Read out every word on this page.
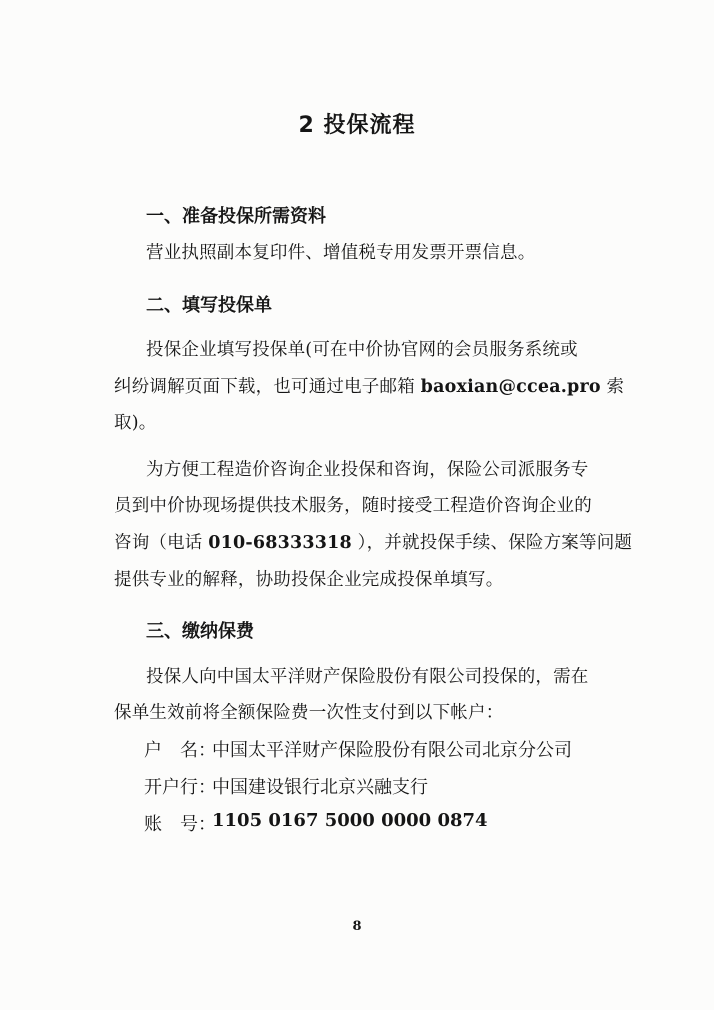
2 投保流程
一、准备投保所需资料
营业执照副本复印件、增值税专用发票开票信息。
二、填写投保单
投保企业填写投保单(可在中价协官网的会员服务系统或
纠纷调解页面下载，也可通过电子邮箱 baoxian@ccea.pro 索
取)。
为方便工程造价咨询企业投保和咨询，保险公司派服务专
员到中价协现场提供技术服务，随时接受工程造价咨询企业的
咨询（电话 010-68333318 ），并就投保手续、保险方案等问题
提供专业的解释，协助投保企业完成投保单填写。
三、缴纳保费
投保人向中国太平洋财产保险股份有限公司投保的，需在
保单生效前将全额保险费一次性支付到以下帐户：
户　名：
中国太平洋财产保险股份有限公司北京分公司
开户行：
中国建设银行北京兴融支行
账　号：
1105 0167 5000 0000 0874
8
